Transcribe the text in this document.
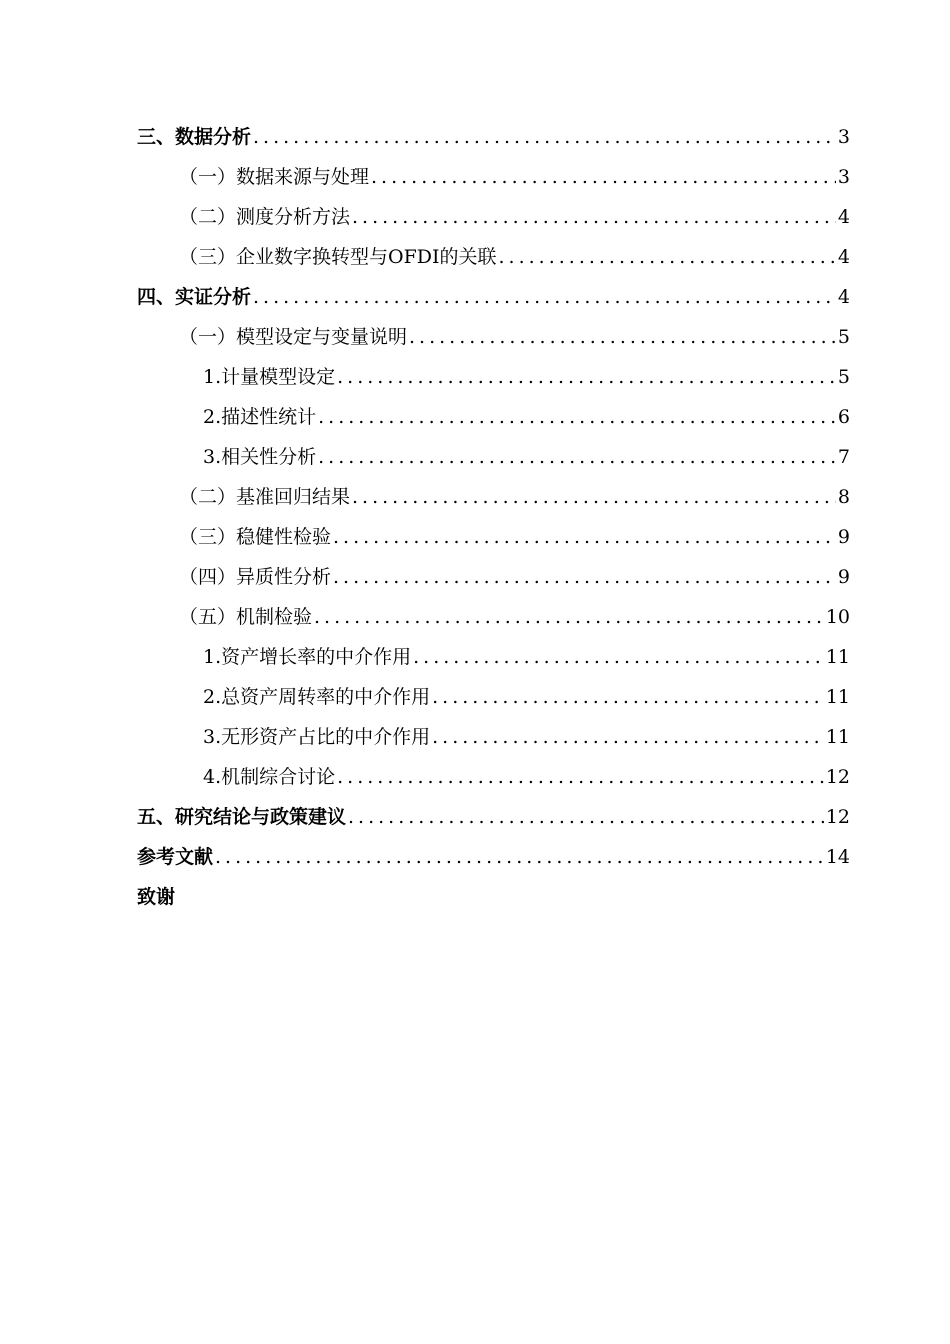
三、数据分析 .....	3
（一）数据来源与处理 .....	3
（二）测度分析方法 .....	4
（三）企业数字换转型与OFDI的关联 .....	4
四、实证分析 .....	4
（一）模型设定与变量说明 .....	5
1.计量模型设定 .....	5
2.描述性统计 .....	6
3.相关性分析 .....	7
（二）基准回归结果 .....	8
（三）稳健性检验 .....	9
（四）异质性分析 .....	9
（五）机制检验 .....	10
1.资产增长率的中介作用 .....	11
2.总资产周转率的中介作用 .....	11
3.无形资产占比的中介作用 .....	11
4.机制综合讨论 .....	12
五、研究结论与政策建议 .....	12
参考文献 .....	14
致谢
